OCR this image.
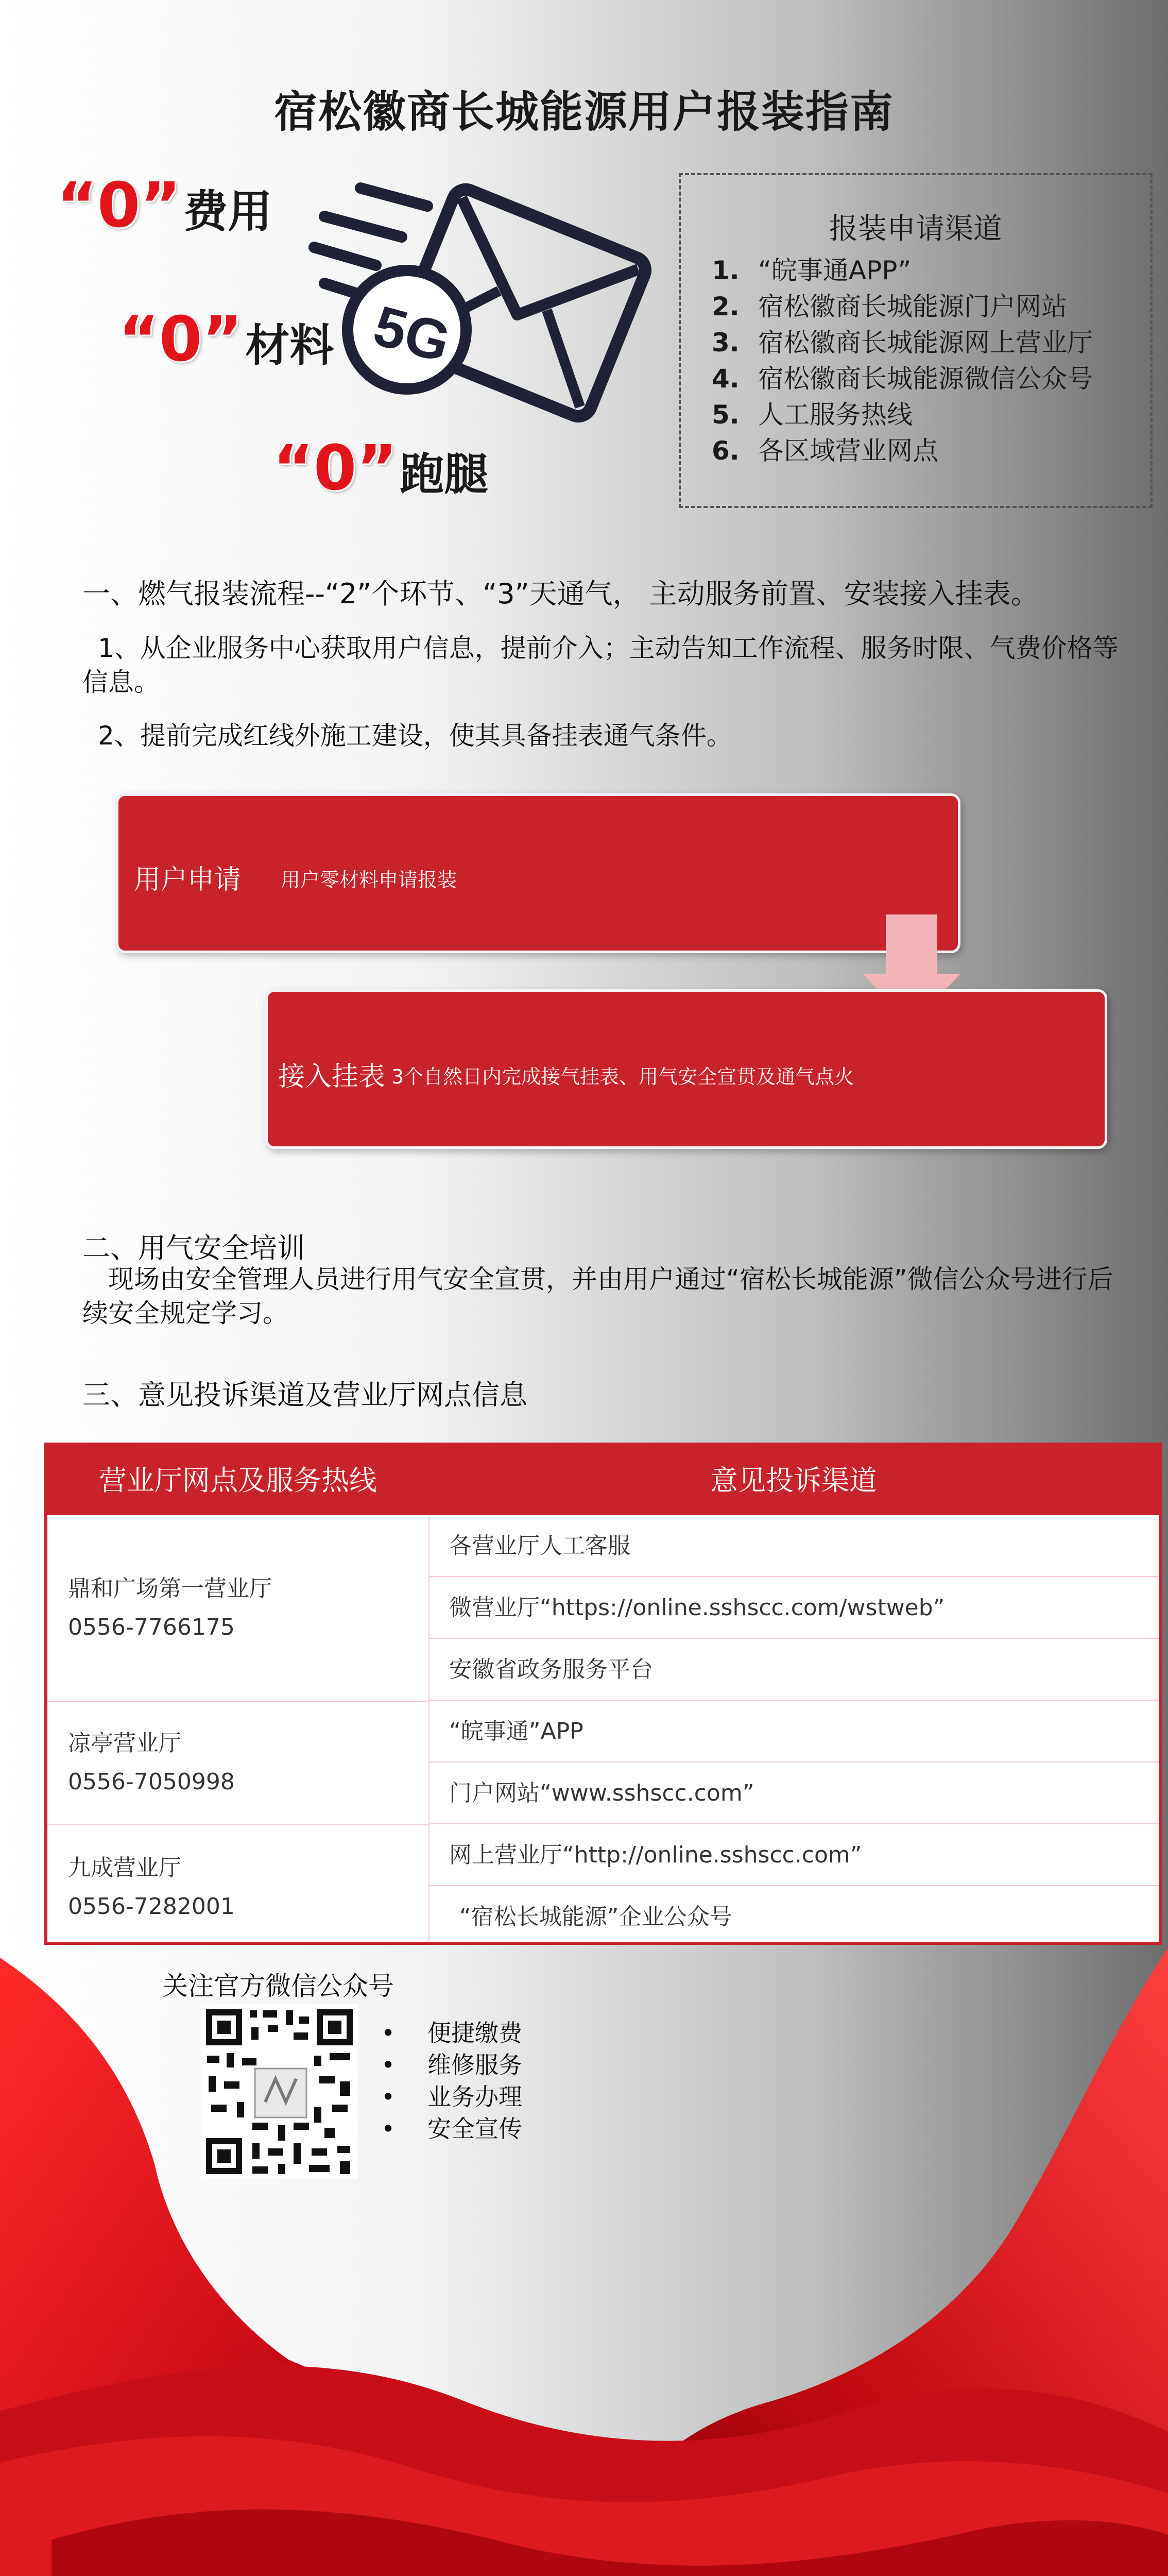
宿松徽商长城能源用户报装指南
“0” 费用
“0” 材料
“0” 跑腿
5G
报装申请渠道
1. “皖事通APP”
2. 宿松徽商长城能源门户网站
3. 宿松徽商长城能源网上营业厅
4. 宿松徽商长城能源微信公众号
5. 人工服务热线
6. 各区域营业网点
一、燃气报装流程--“2”个环节、“3”天通气， 主动服务前置、安装接入挂表。
1、从企业服务中心获取用户信息，提前介入；主动告知工作流程、服务时限、气费价格等信息。
2、提前完成红线外施工建设，使其具备挂表通气条件。
用户申请 用户零材料申请报装
接入挂表 3个自然日内完成接气挂表、用气安全宣贯及通气点火
二、用气安全培训
现场由安全管理人员进行用气安全宣贯，并由用户通过“宿松长城能源”微信公众号进行后续安全规定学习。
三、意见投诉渠道及营业厅网点信息
营业厅网点及服务热线	意见投诉渠道
鼎和广场第一营业厅
0556-7766175
凉亭营业厅
0556-7050998
九成营业厅
0556-7282001
各营业厅人工客服
微营业厅“https://online.sshscc.com/wstweb”
安徽省政务服务平台
“皖事通”APP
门户网站“www.sshscc.com”
网上营业厅“http://online.sshscc.com”
“宿松长城能源”企业公众号
关注官方微信公众号
• 便捷缴费
• 维修服务
• 业务办理
• 安全宣传
